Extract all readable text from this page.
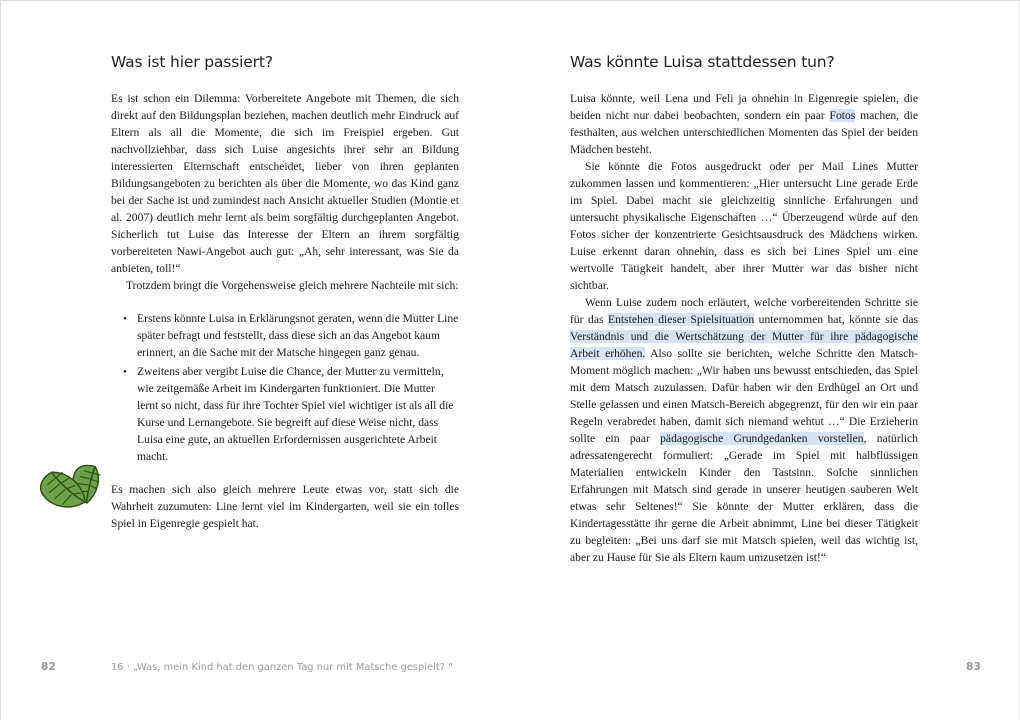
Was ist hier passiert?

Es ist schon ein Dilemma: Vorbereitete Angebote mit Themen, die sich direkt auf den Bildungsplan beziehen, machen deutlich mehr Eindruck auf Eltern als all die Momente, die sich im Freispiel ergeben. Gut nachvollziehbar, dass sich Luise angesichts ihrer sehr an Bildung interessierten Elternschaft entscheidet, lieber von ihren geplanten Bildungsangeboten zu berichten als über die Momente, wo das Kind ganz bei der Sache ist und zumindest nach Ansicht aktueller Studien (Montie et al. 2007) deutlich mehr lernt als beim sorgfältig durchgeplanten Angebot. Sicherlich tut Luise das Interesse der Eltern an ihrem sorgfältig vorbereiteten Nawi-Angebot auch gut: „Ah, sehr interessant, was Sie da anbieten, toll!“

Trotzdem bringt die Vorgehensweise gleich mehrere Nachteile mit sich:

• Erstens könnte Luisa in Erklärungsnot geraten, wenn die Mutter Line später befragt und feststellt, dass diese sich an das Angebot kaum erinnert, an die Sache mit der Matsche hingegen ganz genau.
• Zweitens aber vergibt Luise die Chance, der Mutter zu vermitteln, wie zeitgemäße Arbeit im Kindergarten funktioniert. Die Mutter lernt so nicht, dass für ihre Tochter Spiel viel wichtiger ist als all die Kurse und Lernangebote. Sie begreift auf diese Weise nicht, dass Luisa eine gute, an aktuellen Erfordernissen ausgerichtete Arbeit macht.

Es machen sich also gleich mehrere Leute etwas vor, statt sich die Wahrheit zuzumuten: Line lernt viel im Kindergarten, weil sie ein tolles Spiel in Eigenregie gespielt hat.

82	16 · „Was, mein Kind hat den ganzen Tag nur mit Matsche gespielt? “
Was könnte Luisa stattdessen tun?

Luisa könnte, weil Lena und Feli ja ohnehin in Eigenregie spielen, die beiden nicht nur dabei beobachten, sondern ein paar Fotos machen, die festhalten, aus welchen unterschiedlichen Momenten das Spiel der beiden Mädchen besteht.

Sie könnte die Fotos ausgedruckt oder per Mail Lines Mutter zukommen lassen und kommentieren: „Hier untersucht Line gerade Erde im Spiel. Dabei macht sie gleichzeitig sinnliche Erfahrungen und untersucht physikalische Eigenschaften …“ Überzeugend würde auf den Fotos sicher der konzentrierte Gesichtsausdruck des Mädchens wirken. Luise erkennt daran ohnehin, dass es sich bei Lines Spiel um eine wertvolle Tätigkeit handelt, aber ihrer Mutter war das bisher nicht sichtbar.

Wenn Luise zudem noch erläutert, welche vorbereitenden Schritte sie für das Entstehen dieser Spielsituation unternommen hat, könnte sie das Verständnis und die Wertschätzung der Mutter für ihre pädagogische Arbeit erhöhen. Also sollte sie berichten, welche Schritte den Matsch-Moment möglich machen: „Wir haben uns bewusst entschieden, das Spiel mit dem Matsch zuzulassen. Dafür haben wir den Erdhügel an Ort und Stelle gelassen und einen Matsch-Bereich abgegrenzt, für den wir ein paar Regeln verabredet haben, damit sich niemand wehtut …“ Die Erzieherin sollte ein paar pädagogische Grundgedanken vorstellen, natürlich adressatengerecht formuliert: „Gerade im Spiel mit halbflüssigen Materialien entwickeln Kinder den Tastsinn. Solche sinnlichen Erfahrungen mit Matsch sind gerade in unserer heutigen sauberen Welt etwas sehr Seltenes!“ Sie könnte der Mutter erklären, dass die Kindertagesstätte ihr gerne die Arbeit abnimmt, Line bei dieser Tätigkeit zu begleiten: „Bei uns darf sie mit Matsch spielen, weil das wichtig ist, aber zu Hause für Sie als Eltern kaum umzusetzen ist!“

83
